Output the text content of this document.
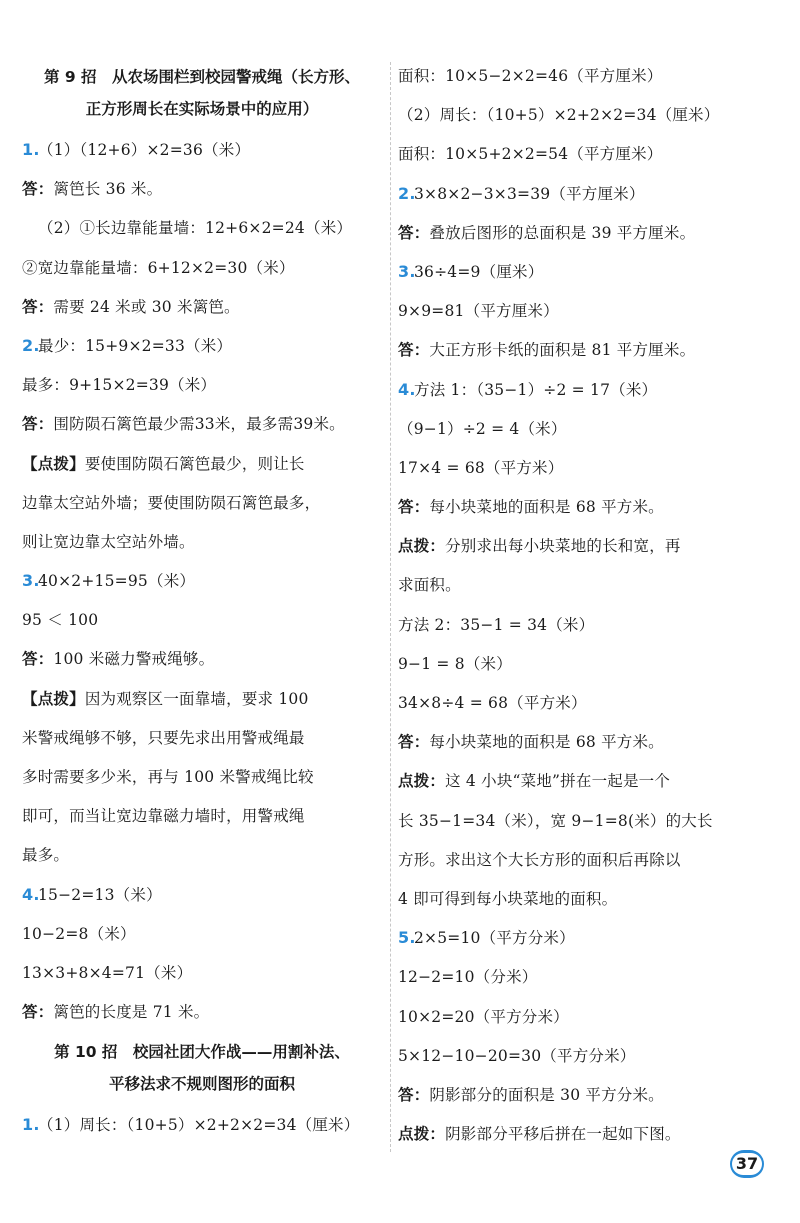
第 9 招　从农场围栏到校园警戒绳（长方形、
正方形周长在实际场景中的应用）
1.（1）（12+6）×2=36（米）
答：篱笆长 36 米。
（2）①长边靠能量墙：12+6×2=24（米）
②宽边靠能量墙：6+12×2=30（米）
答：需要 24 米或 30 米篱笆。
2.最少：15+9×2=33（米）
最多：9+15×2=39（米）
答：围防陨石篱笆最少需33米，最多需39米。
【点拨】要使围防陨石篱笆最少，则让长
边靠太空站外墙；要使围防陨石篱笆最多，
则让宽边靠太空站外墙。
3.40×2+15=95（米）
95 ＜ 100
答：100 米磁力警戒绳够。
【点拨】因为观察区一面靠墙，要求 100
米警戒绳够不够，只要先求出用警戒绳最
多时需要多少米，再与 100 米警戒绳比较
即可，而当让宽边靠磁力墙时，用警戒绳
最多。
4.15−2=13（米）
10−2=8（米）
13×3+8×4=71（米）
答：篱笆的长度是 71 米。
第 10 招　校园社团大作战——用割补法、
平移法求不规则图形的面积
1.（1）周长：（10+5）×2+2×2=34（厘米）
面积：10×5−2×2=46（平方厘米）
（2）周长：（10+5）×2+2×2=34（厘米）
面积：10×5+2×2=54（平方厘米）
2.3×8×2−3×3=39（平方厘米）
答：叠放后图形的总面积是 39 平方厘米。
3.36÷4=9（厘米）
9×9=81（平方厘米）
答：大正方形卡纸的面积是 81 平方厘米。
4.方法 1：（35−1）÷2 = 17（米）
（9−1）÷2 = 4（米）
17×4 = 68（平方米）
答：每小块菜地的面积是 68 平方米。
点拨：分别求出每小块菜地的长和宽，再
求面积。
方法 2：35−1 = 34（米）
9−1 = 8（米）
34×8÷4 = 68（平方米）
答：每小块菜地的面积是 68 平方米。
点拨：这 4 小块“菜地”拼在一起是一个
长 35−1=34（米），宽 9−1=8(米）的大长
方形。求出这个大长方形的面积后再除以
4 即可得到每小块菜地的面积。
5.2×5=10（平方分米）
12−2=10（分米）
10×2=20（平方分米）
5×12−10−20=30（平方分米）
答：阴影部分的面积是 30 平方分米。
点拨：阴影部分平移后拼在一起如下图。
37
